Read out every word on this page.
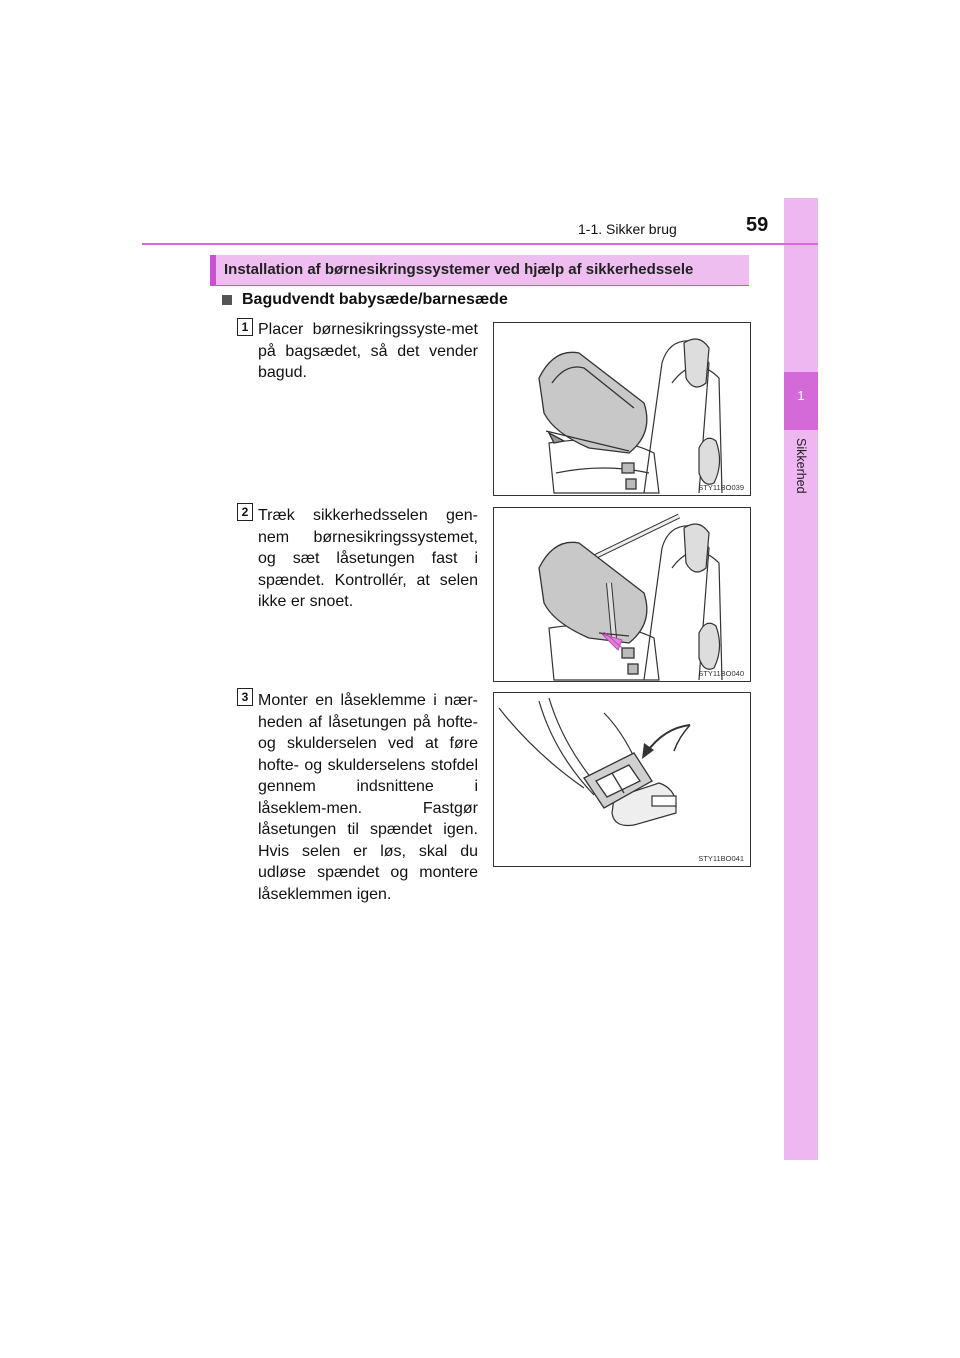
1
Sikkerhed
1-1. Sikker brug	59
Installation af børnesikringssystemer ved hjælp af sikkerhedssele
Bagudvendt babysæde/barnesæde
1 Placer børnesikringssyste-met på bagsædet, så det vender bagud.
STY11BO039
2 Træk sikkerhedsselen gen-nem børnesikringssystemet, og sæt låsetungen fast i spændet. Kontrollér, at selen ikke er snoet.
STY11BO040
3 Monter en låseklemme i nær-heden af låsetungen på hofte- og skulderselen ved at føre hofte- og skulderselens stofdel gennem indsnittene i låseklem-men. Fastgør låsetungen til spændet igen. Hvis selen er løs, skal du udløse spændet og montere låseklemmen igen.
STY11BO041
